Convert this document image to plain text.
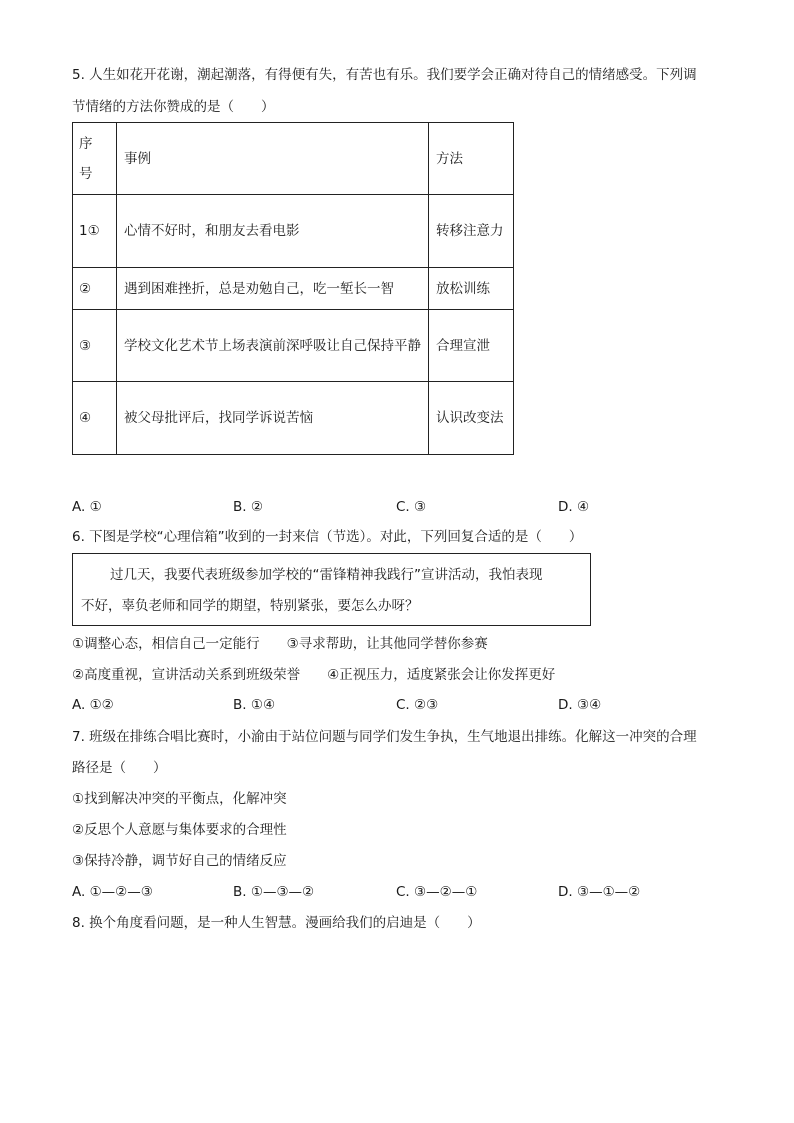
5. 人生如花开花谢，潮起潮落，有得便有失，有苦也有乐。我们要学会正确对待自己的情绪感受。下列调
节情绪的方法你赞成的是（　　）
序
号	事例	方法
1①	心情不好时，和朋友去看电影	转移注意力
②	遇到困难挫折，总是劝勉自己，吃一堑长一智	放松训练
③	学校文化艺术节上场表演前深呼吸让自己保持平静	合理宣泄
④	被父母批评后，找同学诉说苦恼	认识改变法
A. ①	B. ②	C. ③	D. ④
6. 下图是学校“心理信箱”收到的一封来信（节选）。对此，下列回复合适的是（　　）
过几天，我要代表班级参加学校的“雷锋精神我践行”宣讲活动，我怕表现
不好，辜负老师和同学的期望，特别紧张，要怎么办呀？
①调整心态，相信自己一定能行　　③寻求帮助，让其他同学替你参赛
②高度重视，宣讲活动关系到班级荣誉　　④正视压力，适度紧张会让你发挥更好
A. ①②	B. ①④	C. ②③	D. ③④
7. 班级在排练合唱比赛时，小渝由于站位问题与同学们发生争执，生气地退出排练。化解这一冲突的合理
路径是（　　）
①找到解决冲突的平衡点，化解冲突
②反思个人意愿与集体要求的合理性
③保持冷静，调节好自己的情绪反应
A. ①—②—③	B. ①—③—②	C. ③—②—①	D. ③—①—②
8. 换个角度看问题，是一种人生智慧。漫画给我们的启迪是（　　）
